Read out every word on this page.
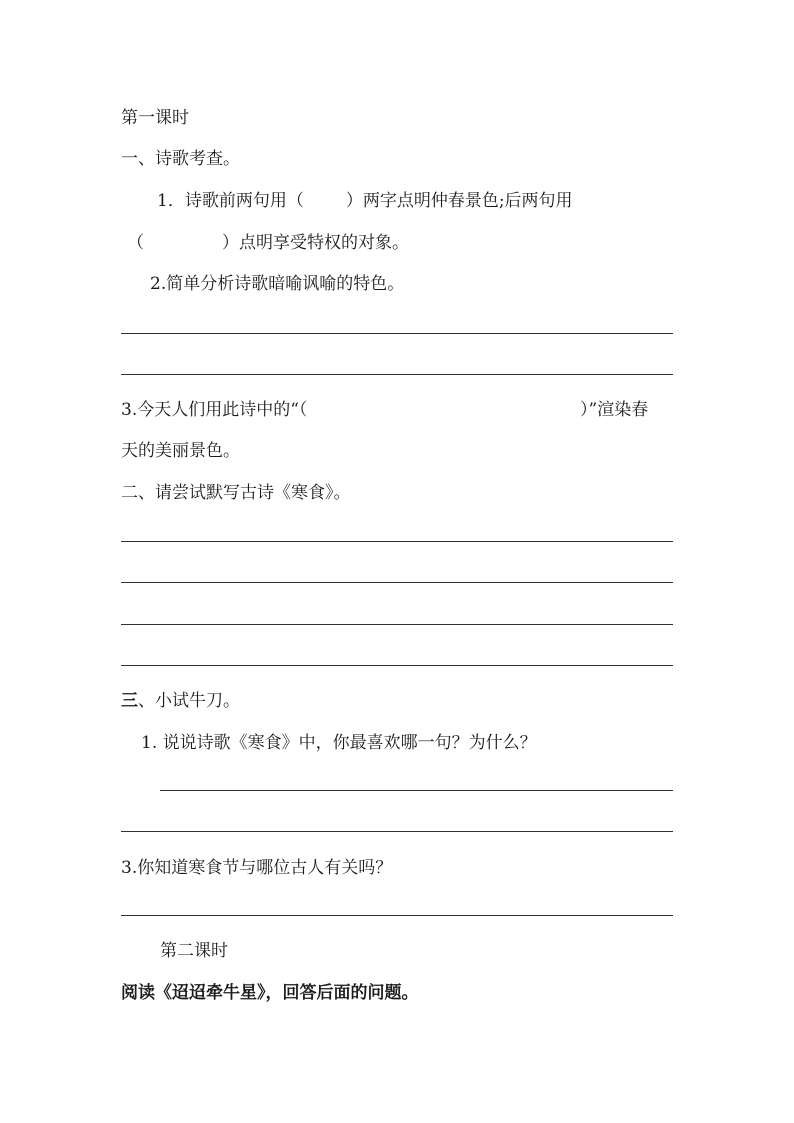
第一课时
一、诗歌考查。
1．诗歌前两句用（ ）两字点明仲春景色;后两句用
（	）点明享受特权的对象。
2.简单分析诗歌暗喻讽喻的特色。
3.今天人们用此诗中的“（	）”渲染春
天的美丽景色。
二、请尝试默写古诗《寒食》。
三、小试牛刀。
1. 说说诗歌《寒食》中，你最喜欢哪一句？为什么？
3.你知道寒食节与哪位古人有关吗？
第二课时
阅读《迢迢牵牛星》，回答后面的问题。
